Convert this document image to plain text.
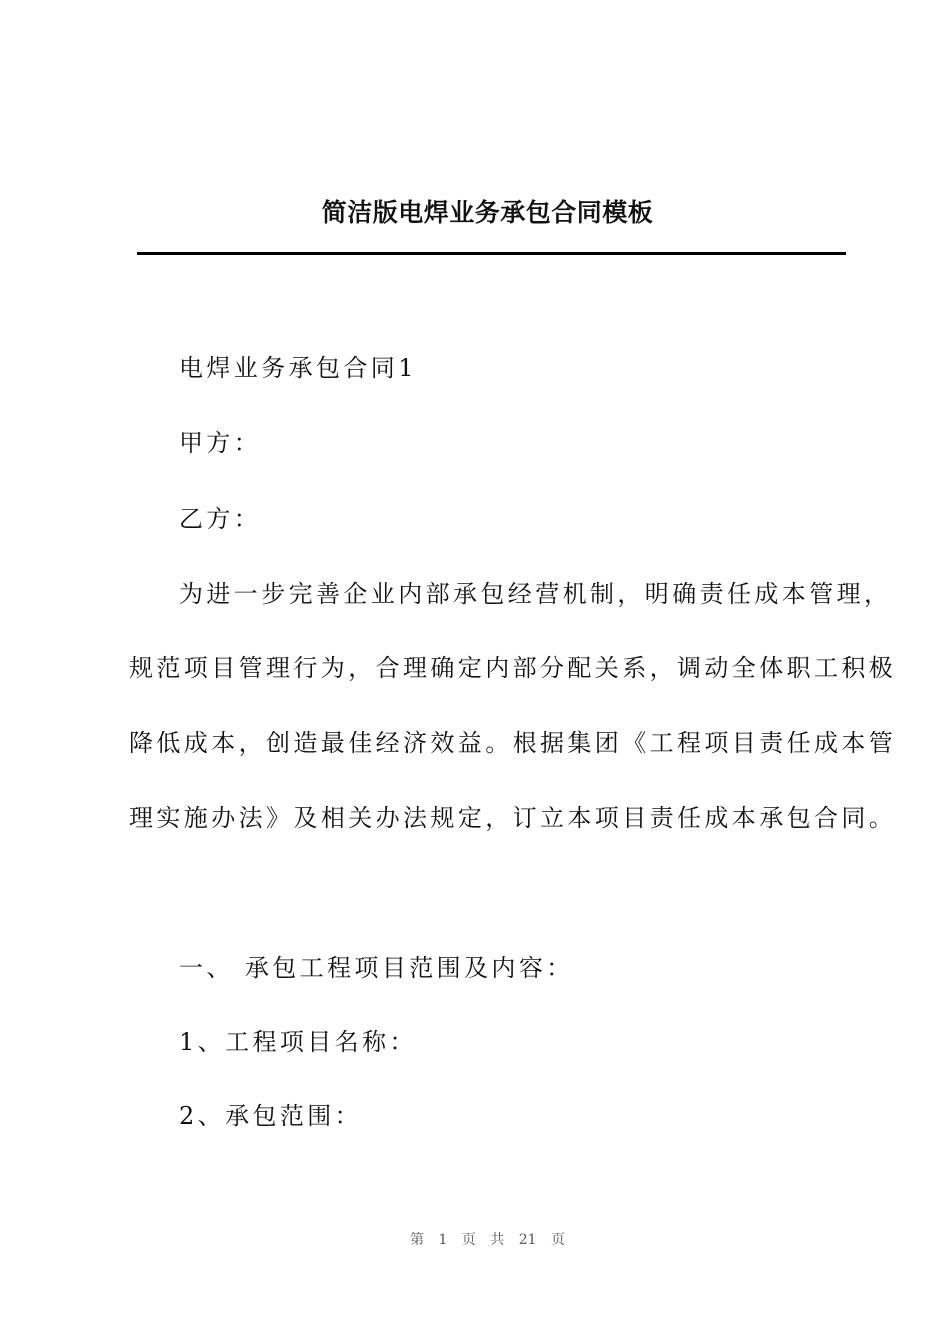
简洁版电焊业务承包合同模板
电焊业务承包合同1
甲方：
乙方：
为进一步完善企业内部承包经营机制，明确责任成本管理，
规范项目管理行为，合理确定内部分配关系，调动全体职工积极
降低成本，创造最佳经济效益。根据集团《工程项目责任成本管
理实施办法》及相关办法规定，订立本项目责任成本承包合同。
一、 承包工程项目范围及内容：
1、工程项目名称：
2、承包范围：
第 1 页 共 21 页
